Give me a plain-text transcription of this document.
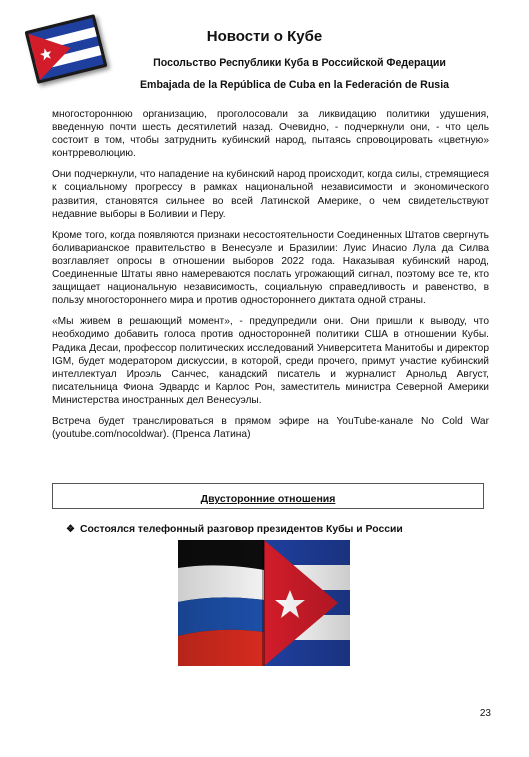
Новости о Кубе
Посольство Республики Куба в Российской Федерации
Embajada de la República de Cuba en la Federación de Rusia

многостороннюю организацию, проголосовали за ликвидацию политики удушения, введенную почти шесть десятилетий назад. Очевидно, - подчеркнули они, - что цель состоит в том, чтобы затруднить кубинский народ, пытаясь спровоцировать «цветную» контрреволюцию.

Они подчеркнули, что нападение на кубинский народ происходит, когда силы, стремящиеся к социальному прогрессу в рамках национальной независимости и экономического развития, становятся сильнее во всей Латинской Америке, о чем свидетельствуют недавние выборы в Боливии и Перу.

Кроме того, когда появляются признаки несостоятельности Соединенных Штатов свергнуть боливарианское правительство в Венесуэле и Бразилии: Луис Инасио Лула да Силва возглавляет опросы в отношении выборов 2022 года. Наказывая кубинский народ, Соединенные Штаты явно намереваются послать угрожающий сигнал, поэтому все те, кто защищает национальную независимость, социальную справедливость и равенство, в пользу многостороннего мира и против одностороннего диктата одной страны.

«Мы живем в решающий момент», - предупредили они. Они пришли к выводу, что необходимо добавить голоса против односторонней политики США в отношении Кубы. Радика Десаи, профессор политических исследований Университета Манитобы и директор IGM, будет модератором дискуссии, в которой, среди прочего, примут участие кубинский интеллектуал Ироэль Санчес, канадский писатель и журналист Арнольд Август, писательница Фиона Эдвардс и Карлос Рон, заместитель министра Северной Америки Министерства иностранных дел Венесуэлы.

Встреча будет транслироваться в прямом эфире на YouTube-канале No Cold War (youtube.com/nocoldwar). (Пренса Латина)

Двусторонние отношения
❖ Состоялся телефонный разговор президентов Кубы и России
23
